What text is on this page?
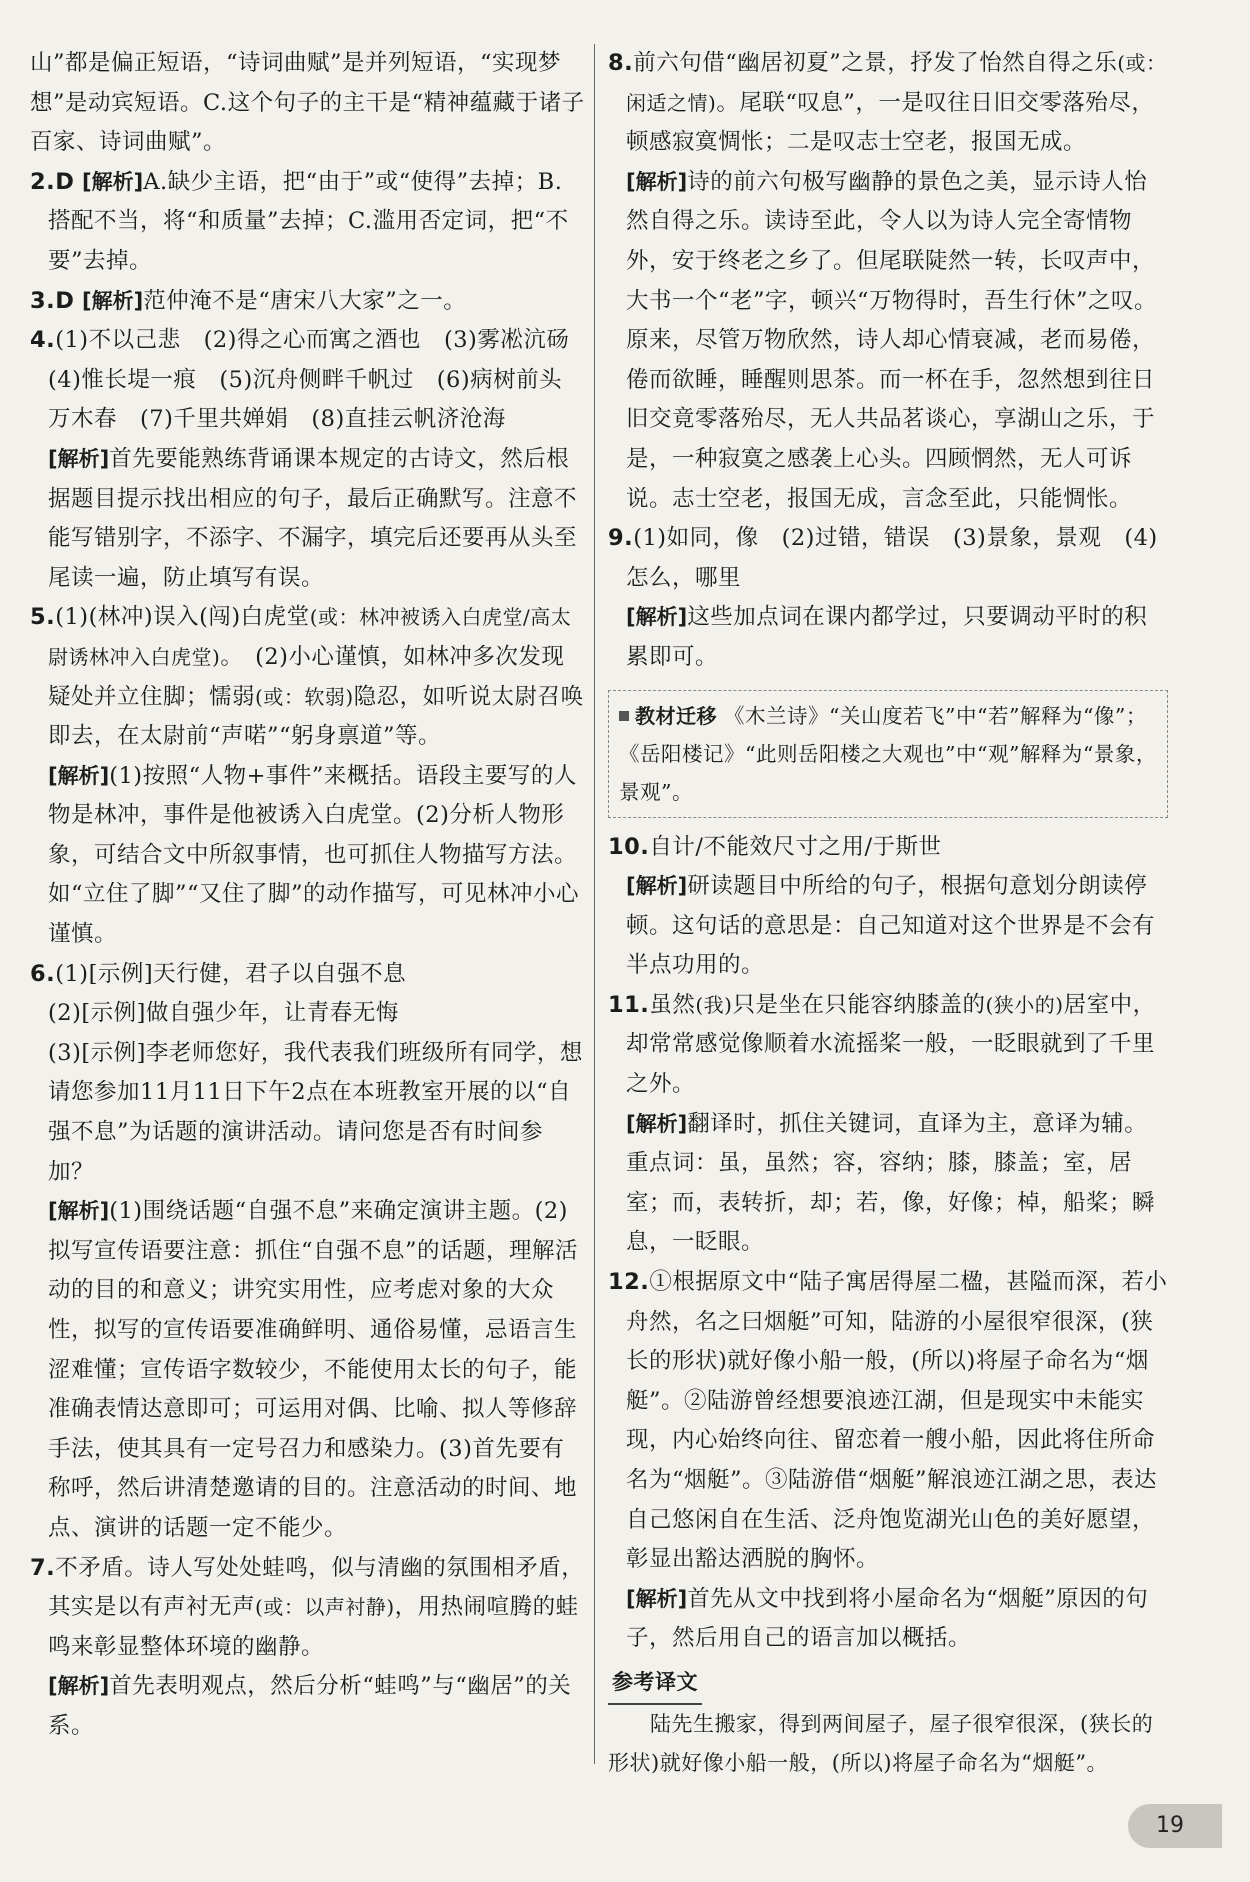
山”都是偏正短语，“诗词曲赋”是并列短语，“实现梦想”是动宾短语。C.这个句子的主干是“精神蕴藏于诸子百家、诗词曲赋”。

2.D [解析]A.缺少主语，把“由于”或“使得”去掉；B.搭配不当，将“和质量”去掉；C.滥用否定词，把“不要”去掉。

3.D [解析]范仲淹不是“唐宋八大家”之一。

4.(1)不以己悲　(2)得之心而寓之酒也　(3)雾凇沆砀　(4)惟长堤一痕　(5)沉舟侧畔千帆过　(6)病树前头万木春　(7)千里共婵娟　(8)直挂云帆济沧海

[解析]首先要能熟练背诵课本规定的古诗文，然后根据题目提示找出相应的句子，最后正确默写。注意不能写错别字，不添字、不漏字，填完后还要再从头至尾读一遍，防止填写有误。

5.(1)(林冲)误入(闯)白虎堂(或：林冲被诱入白虎堂/高太尉诱林冲入白虎堂)。　(2)小心谨慎，如林冲多次发现疑处并立住脚；懦弱(或：软弱)隐忍，如听说太尉召唤即去，在太尉前“声喏”“躬身禀道”等。

[解析](1)按照“人物+事件”来概括。语段主要写的人物是林冲，事件是他被诱入白虎堂。(2)分析人物形象，可结合文中所叙事情，也可抓住人物描写方法。如“立住了脚”“又住了脚”的动作描写，可见林冲小心谨慎。

6.(1)[示例]天行健，君子以自强不息

(2)[示例]做自强少年，让青春无悔

(3)[示例]李老师您好，我代表我们班级所有同学，想请您参加11月11日下午2点在本班教室开展的以“自强不息”为话题的演讲活动。请问您是否有时间参加？

[解析](1)围绕话题“自强不息”来确定演讲主题。(2)拟写宣传语要注意：抓住“自强不息”的话题，理解活动的目的和意义；讲究实用性，应考虑对象的大众性，拟写的宣传语要准确鲜明、通俗易懂，忌语言生涩难懂；宣传语字数较少，不能使用太长的句子，能准确表情达意即可；可运用对偶、比喻、拟人等修辞手法，使其具有一定号召力和感染力。(3)首先要有称呼，然后讲清楚邀请的目的。注意活动的时间、地点、演讲的话题一定不能少。

7.不矛盾。诗人写处处蛙鸣，似与清幽的氛围相矛盾，其实是以有声衬无声(或：以声衬静)，用热闹喧腾的蛙鸣来彰显整体环境的幽静。

[解析]首先表明观点，然后分析“蛙鸣”与“幽居”的关系。

8.前六句借“幽居初夏”之景，抒发了怡然自得之乐(或：闲适之情)。尾联“叹息”，一是叹往日旧交零落殆尽，顿感寂寞惆怅；二是叹志士空老，报国无成。

[解析]诗的前六句极写幽静的景色之美，显示诗人怡然自得之乐。读诗至此，令人以为诗人完全寄情物外，安于终老之乡了。但尾联陡然一转，长叹声中，大书一个“老”字，顿兴“万物得时，吾生行休”之叹。原来，尽管万物欣然，诗人却心情衰减，老而易倦，倦而欲睡，睡醒则思茶。而一杯在手，忽然想到往日旧交竟零落殆尽，无人共品茗谈心，享湖山之乐，于是，一种寂寞之感袭上心头。四顾惘然，无人可诉说。志士空老，报国无成，言念至此，只能惆怅。

9.(1)如同，像　(2)过错，错误　(3)景象，景观　(4)怎么，哪里

[解析]这些加点词在课内都学过，只要调动平时的积累即可。

教材迁移 《木兰诗》“关山度若飞”中“若”解释为“像”；《岳阳楼记》“此则岳阳楼之大观也”中“观”解释为“景象，景观”。

10.自计/不能效尺寸之用/于斯世

[解析]研读题目中所给的句子，根据句意划分朗读停顿。这句话的意思是：自己知道对这个世界是不会有半点功用的。

11.虽然(我)只是坐在只能容纳膝盖的(狭小的)居室中，却常常感觉像顺着水流摇桨一般，一眨眼就到了千里之外。

[解析]翻译时，抓住关键词，直译为主，意译为辅。重点词：虽，虽然；容，容纳；膝，膝盖；室，居室；而，表转折，却；若，像，好像；棹，船桨；瞬息，一眨眼。

12.①根据原文中“陆子寓居得屋二楹，甚隘而深，若小舟然，名之曰烟艇”可知，陆游的小屋很窄很深，(狭长的形状)就好像小船一般，(所以)将屋子命名为“烟艇”。②陆游曾经想要浪迹江湖，但是现实中未能实现，内心始终向往、留恋着一艘小船，因此将住所命名为“烟艇”。③陆游借“烟艇”解浪迹江湖之思，表达自己悠闲自在生活、泛舟饱览湖光山色的美好愿望，彰显出豁达洒脱的胸怀。

[解析]首先从文中找到将小屋命名为“烟艇”原因的句子，然后用自己的语言加以概括。

参考译文

陆先生搬家，得到两间屋子，屋子很窄很深，(狭长的形状)就好像小船一般，(所以)将屋子命名为“烟艇”。

19
